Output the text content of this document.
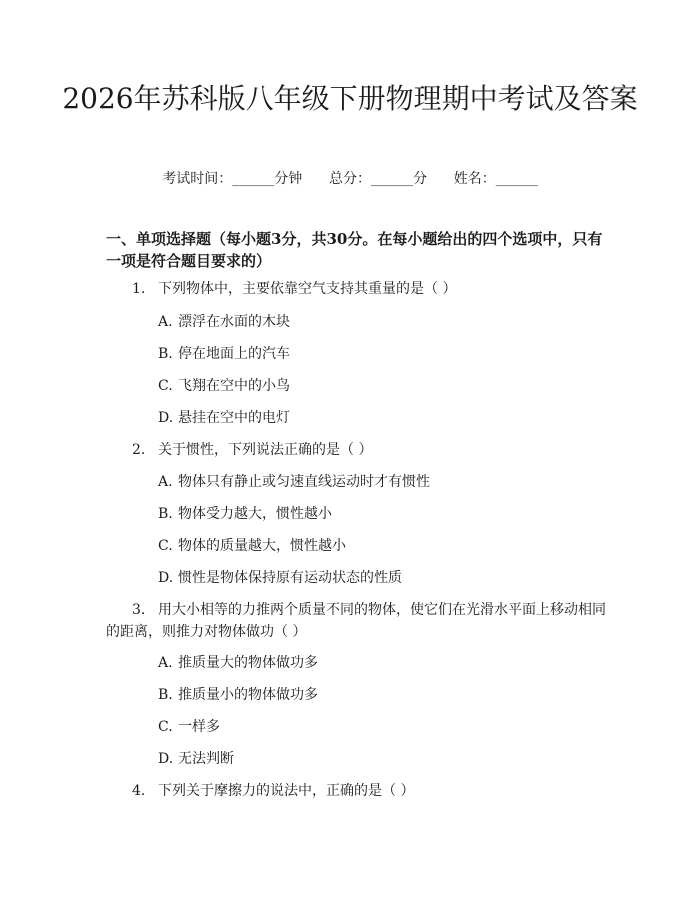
2026年苏科版八年级下册物理期中考试及答案
考试时间：______分钟 总分：______分 姓名：______
一、单项选择题（每小题3分，共30分。在每小题给出的四个选项中，只有一项是符合题目要求的）
1. 下列物体中，主要依靠空气支持其重量的是（ ）
A. 漂浮在水面的木块
B. 停在地面上的汽车
C. 飞翔在空中的小鸟
D. 悬挂在空中的电灯
2. 关于惯性，下列说法正确的是（ ）
A. 物体只有静止或匀速直线运动时才有惯性
B. 物体受力越大，惯性越小
C. 物体的质量越大，惯性越小
D. 惯性是物体保持原有运动状态的性质
3. 用大小相等的力推两个质量不同的物体，使它们在光滑水平面上移动相同的距离，则推力对物体做功（ ）
A. 推质量大的物体做功多
B. 推质量小的物体做功多
C. 一样多
D. 无法判断
4. 下列关于摩擦力的说法中，正确的是（ ）
